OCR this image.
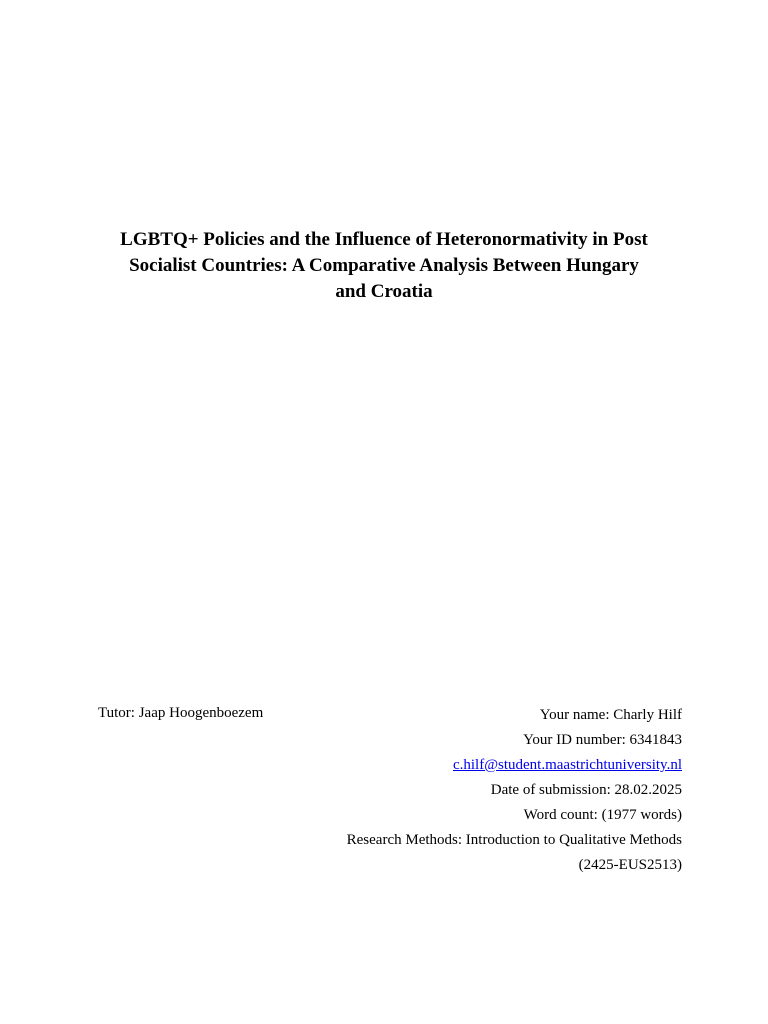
LGBTQ+ Policies and the Influence of Heteronormativity in Post
Socialist Countries: A Comparative Analysis Between Hungary
and Croatia

Tutor: Jaap Hoogenboezem	Your name: Charly Hilf
Your ID number: 6341843
c.hilf@student.maastrichtuniversity.nl
Date of submission: 28.02.2025
Word count: (1977 words)
Research Methods: Introduction to Qualitative Methods
(2425-EUS2513)
